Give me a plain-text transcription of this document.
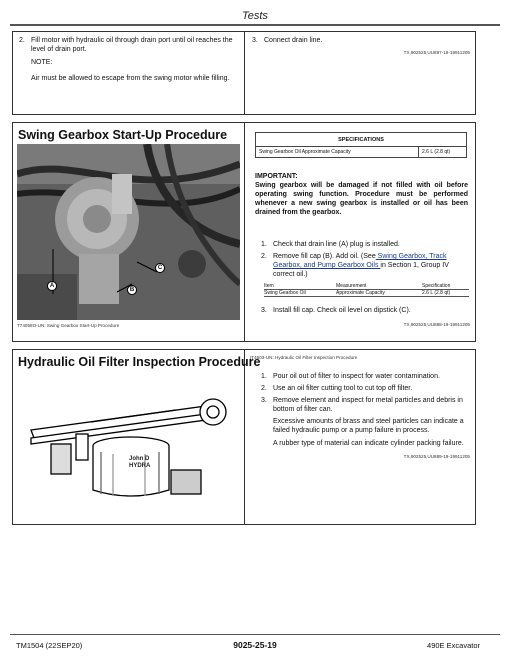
Tests
2. Fill motor with hydraulic oil through drain port until oil reaches the level of drain port.
NOTE:
Air must be allowed to escape from the swing motor while filling.
3. Connect drain line.
TX,902525,UU897-19-19911205
Swing Gearbox Start-Up Procedure
C
A
B
T74058O-UN: Swing Gearbox Start-Up Procedure
SPECIFICATIONS
Swing Gearbox Oil Approximate Capacity	2.6 L (2.8 qt)
IMPORTANT:
Swing gearbox will be damaged if not filled with oil before operating swing function. Procedure must be performed whenever a new swing gearbox is installed or oil has been drained from the gearbox.
1. Check that drain line (A) plug is installed.
2. Remove fill cap (B). Add oil. (See Swing Gearbox, Track Gearbox, and Pump Gearbox Oils in Section 1, Group IV correct oil.)
Item	Measurement	Specification
Swing Gearbox Oil	Approximate Capacity	2.6 L (2.8 qt)
3. Install fill cap. Check oil level on dipstick (C).
TX,902525,UU888-19-19911205
Hydraulic Oil Filter Inspection Procedure
John D
HYDRA
IT4603-UN: Hydraulic Oil Filter Inspection Procedure
1. Pour oil out of filter to inspect for water contamination.
2. Use an oil filter cutting tool to cut top off filter.
3. Remove element and inspect for metal particles and debris in bottom of filter can.
Excessive amounts of brass and steel particles can indicate a failed hydraulic pump or a pump failure in process.
A rubber type of material can indicate cylinder packing failure.
TX,902525,UU889-19-19911205
TM1504 (22SEP20)	9025-25-19	490E Excavator
